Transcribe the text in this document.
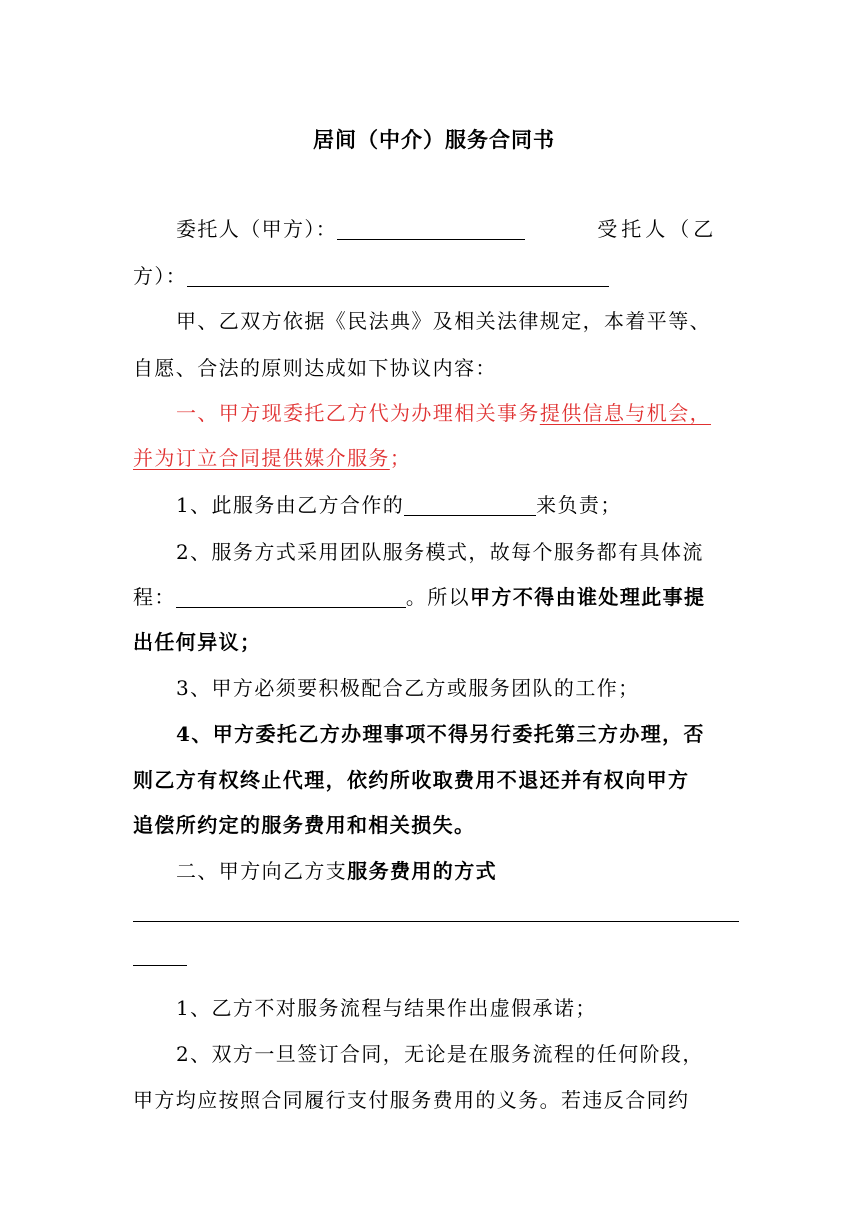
居间（中介）服务合同书
委托人（甲方）：	受托人（乙
方）：
甲、乙双方依据《民法典》及相关法律规定，本着平等、
自愿、合法的原则达成如下协议内容：
一、甲方现委托乙方代为办理相关事务提供信息与机会，
并为订立合同提供媒介服务；
1、此服务由乙方合作的	来负责；
2、服务方式采用团队服务模式，故每个服务都有具体流
程：	。所以甲方不得由谁处理此事提
出任何异议；
3、甲方必须要积极配合乙方或服务团队的工作；
4、甲方委托乙方办理事项不得另行委托第三方办理，否
则乙方有权终止代理，依约所收取费用不退还并有权向甲方
追偿所约定的服务费用和相关损失。
二、甲方向乙方支服务费用的方式
1、乙方不对服务流程与结果作出虚假承诺；
2、双方一旦签订合同，无论是在服务流程的任何阶段，
甲方均应按照合同履行支付服务费用的义务。若违反合同约
